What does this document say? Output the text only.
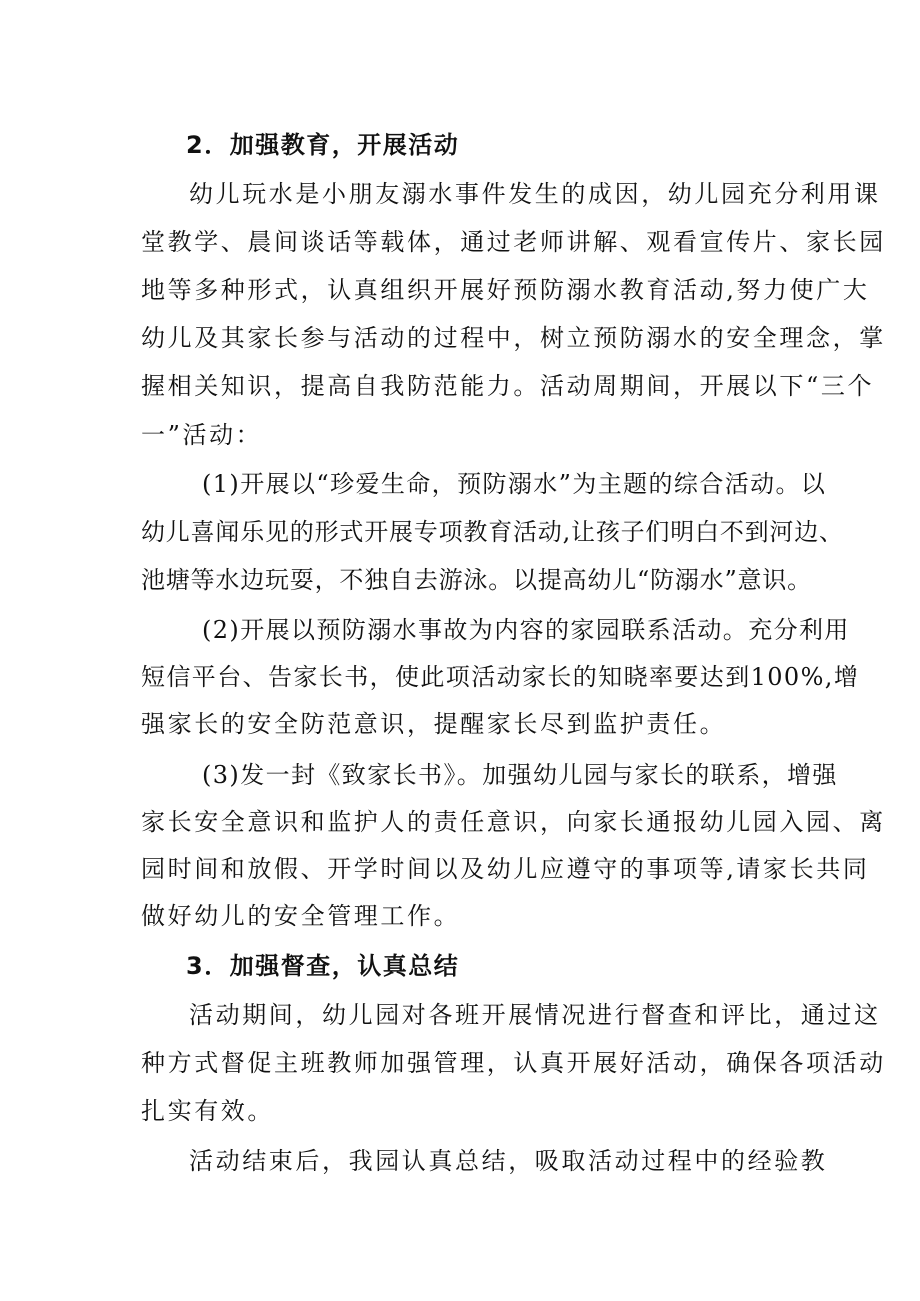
2．加强教育，开展活动
幼儿玩水是小朋友溺水事件发生的成因，幼儿园充分利用课
堂教学、晨间谈话等载体，通过老师讲解、观看宣传片、家长园
地等多种形式，认真组织开展好预防溺水教育活动,努力使广大
幼儿及其家长参与活动的过程中，树立预防溺水的安全理念，掌
握相关知识，提高自我防范能力。活动周期间，开展以下“三个
一”活动：
(1)开展以“珍爱生命，预防溺水”为主题的综合活动。以
幼儿喜闻乐见的形式开展专项教育活动,让孩子们明白不到河边、
池塘等水边玩耍，不独自去游泳。以提高幼儿“防溺水”意识。
(2)开展以预防溺水事故为内容的家园联系活动。充分利用
短信平台、告家长书，使此项活动家长的知晓率要达到100%,增
强家长的安全防范意识，提醒家长尽到监护责任。
(3)发一封《致家长书》。加强幼儿园与家长的联系，增强
家长安全意识和监护人的责任意识，向家长通报幼儿园入园、离
园时间和放假、开学时间以及幼儿应遵守的事项等,请家长共同
做好幼儿的安全管理工作。
3．加强督查，认真总结
活动期间，幼儿园对各班开展情况进行督查和评比，通过这
种方式督促主班教师加强管理，认真开展好活动，确保各项活动
扎实有效。
活动结束后，我园认真总结，吸取活动过程中的经验教
